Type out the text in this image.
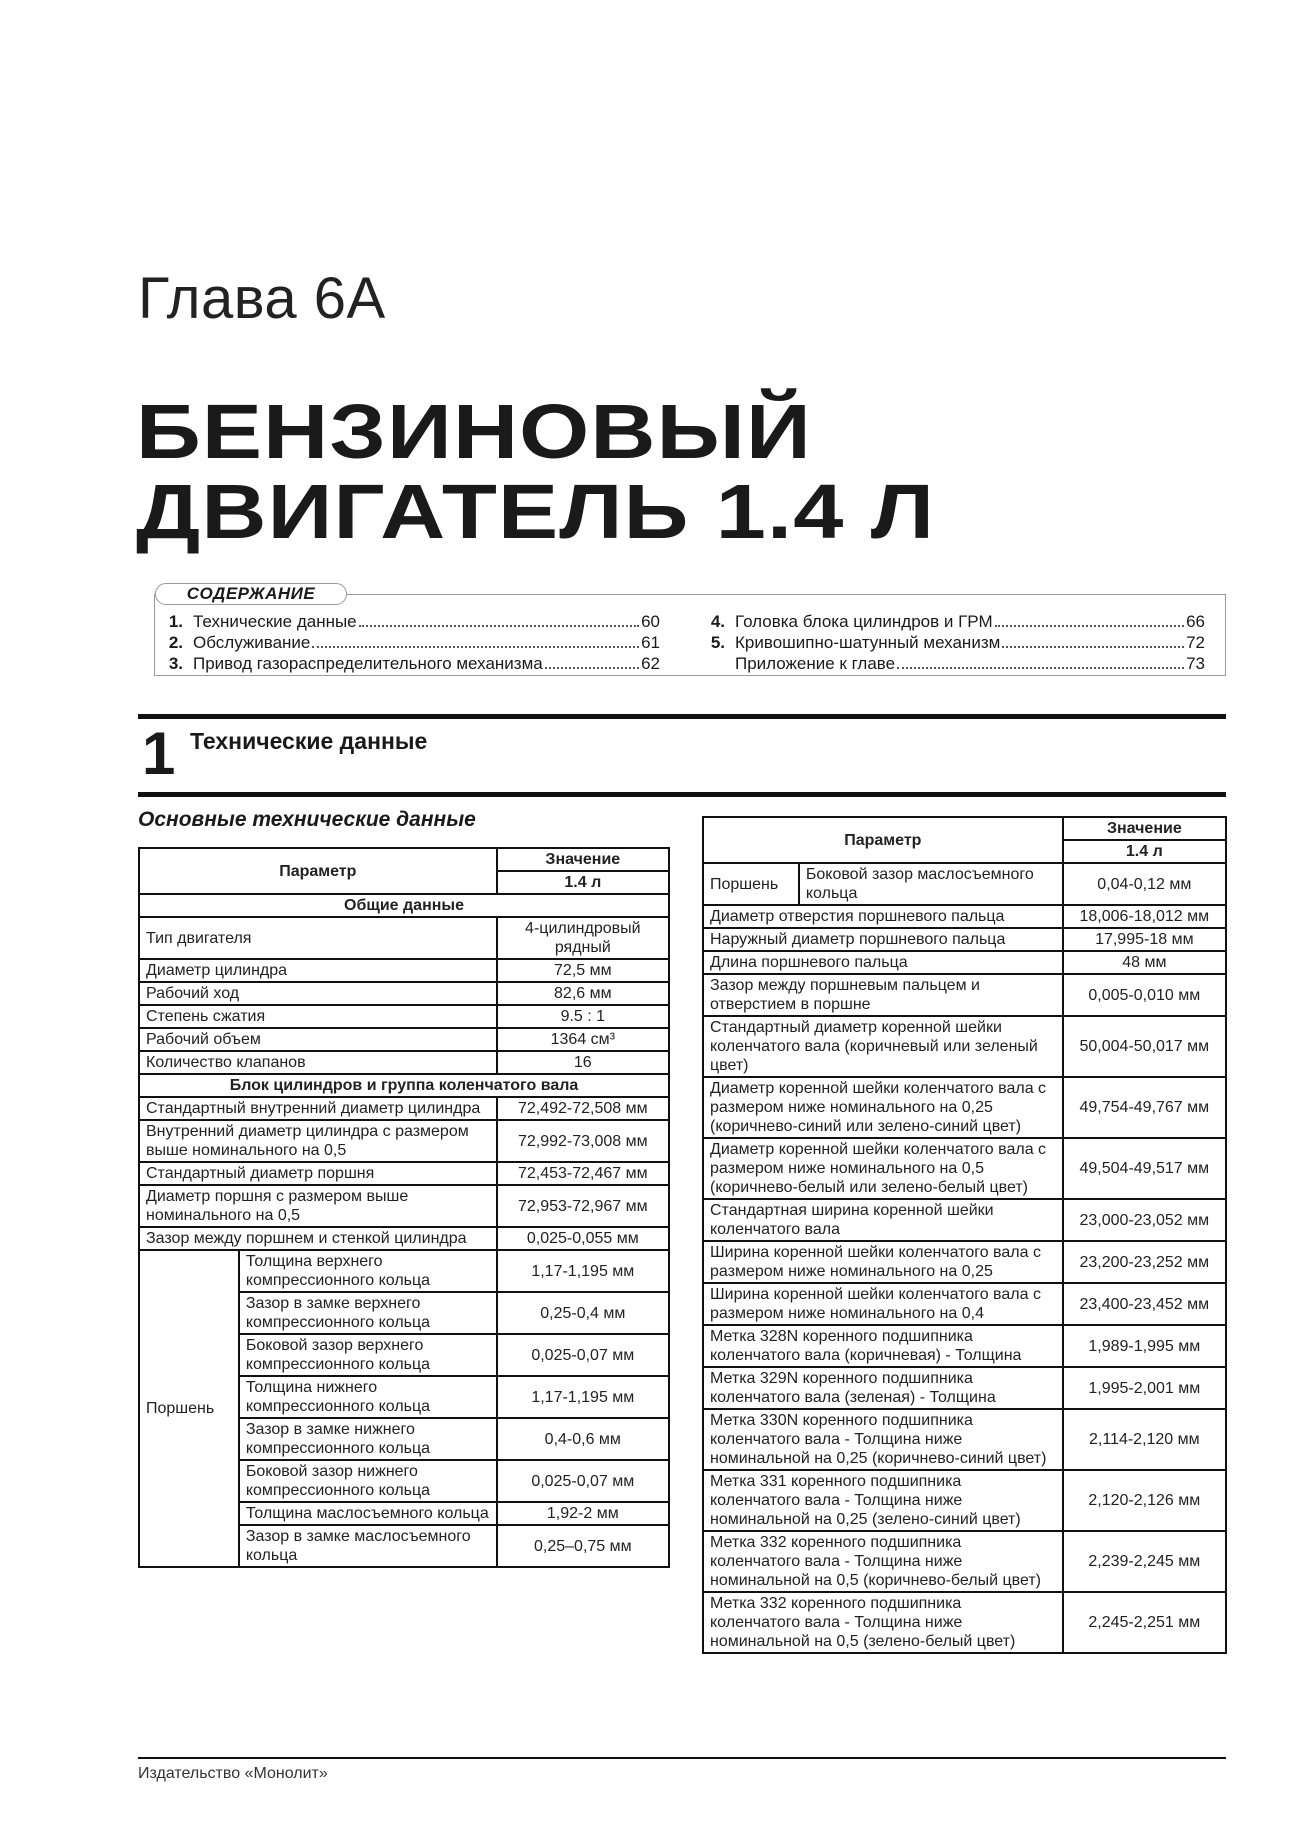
Глава 6А
БЕНЗИНОВЫЙ
ДВИГАТЕЛЬ 1.4 Л
СОДЕРЖАНИЕ
1. Технические данные	60
2. Обслуживание	61
3. Привод газораспределительного механизма	62
4. Головка блока цилиндров и ГРМ	66
5. Кривошипно-шатунный механизм	72
Приложение к главе	73
1 Технические данные
Основные технические данные
Параметр		Значение
		1.4 л
Общие данные		
Тип двигателя		4-цилиндровый рядный
Диаметр цилиндра		72,5 мм
Рабочий ход		82,6 мм
Степень сжатия		9.5 : 1
Рабочий объем		1364 см³
Количество клапанов		16
Блок цилиндров и группа коленчатого вала		
Стандартный внутренний диаметр цилиндра		72,492-72,508 мм
Внутренний диаметр цилиндра с размером выше номинального на 0,5		72,992-73,008 мм
Стандартный диаметр поршня		72,453-72,467 мм
Диаметр поршня с размером выше номинального на 0,5		72,953-72,967 мм
Зазор между поршнем и стенкой цилиндра		0,025-0,055 мм
Поршень	Толщина верхнего компрессионного кольца	1,17-1,195 мм
	Зазор в замке верхнего компрессионного кольца	0,25-0,4 мм
	Боковой зазор верхнего компрессионного кольца	0,025-0,07 мм
	Толщина нижнего компрессионного кольца	1,17-1,195 мм
	Зазор в замке нижнего компрессионного кольца	0,4-0,6 мм
	Боковой зазор нижнего компрессионного кольца	0,025-0,07 мм
	Толщина маслосъемного кольца	1,92-2 мм
	Зазор в замке маслосъемного кольца	0,25–0,75 мм
Параметр		Значение
		1.4 л
Поршень	Боковой зазор маслосъемного кольца	0,04-0,12 мм
Диаметр отверстия поршневого пальца		18,006-18,012 мм
Наружный диаметр поршневого пальца		17,995-18 мм
Длина поршневого пальца		48 мм
Зазор между поршневым пальцем и отверстием в поршне		0,005-0,010 мм
Стандартный диаметр коренной шейки коленчатого вала (коричневый или зеленый цвет)		50,004-50,017 мм
Диаметр коренной шейки коленчатого вала с размером ниже номинального на 0,25 (коричнево-синий или зелено-синий цвет)		49,754-49,767 мм
Диаметр коренной шейки коленчатого вала с размером ниже номинального на 0,5 (коричнево-белый или зелено-белый цвет)		49,504-49,517 мм
Стандартная ширина коренной шейки коленчатого вала		23,000-23,052 мм
Ширина коренной шейки коленчатого вала с размером ниже номинального на 0,25		23,200-23,252 мм
Ширина коренной шейки коленчатого вала с размером ниже номинального на 0,4		23,400-23,452 мм
Метка 328N коренного подшипника коленчатого вала (коричневая) - Толщина		1,989-1,995 мм
Метка 329N коренного подшипника коленчатого вала (зеленая) - Толщина		1,995-2,001 мм
Метка 330N коренного подшипника коленчатого вала - Толщина ниже номинальной на 0,25 (коричнево-синий цвет)		2,114-2,120 мм
Метка 331 коренного подшипника коленчатого вала - Толщина ниже номинальной на 0,25 (зелено-синий цвет)		2,120-2,126 мм
Метка 332 коренного подшипника коленчатого вала - Толщина ниже номинальной на 0,5 (коричнево-белый цвет)		2,239-2,245 мм
Метка 332 коренного подшипника коленчатого вала - Толщина ниже номинальной на 0,5 (зелено-белый цвет)		2,245-2,251 мм
Издательство «Монолит»
